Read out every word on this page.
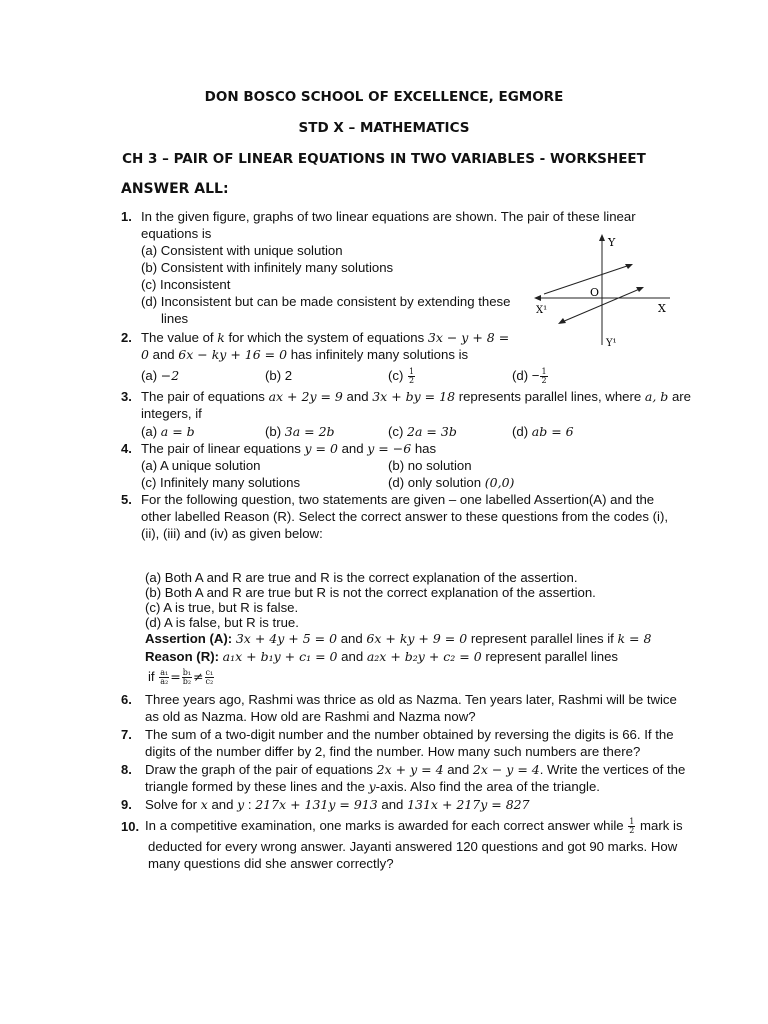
DON BOSCO SCHOOL OF EXCELLENCE, EGMORE
STD X – MATHEMATICS
CH 3 – PAIR OF LINEAR EQUATIONS IN TWO VARIABLES - WORKSHEET
ANSWER ALL:
1. In the given figure, graphs of two linear equations are shown. The pair of these linear
equations is
(a) Consistent with unique solution
(b) Consistent with infinitely many solutions
(c) Inconsistent
(d) Inconsistent but can be made consistent by extending these
lines
Y
Y¹
X
X¹
O
2. The value of k for which the system of equations 3x − y + 8 =
0 and 6x − ky + 16 = 0 has infinitely many solutions is
(a) −2	(b) 2	$(c) \frac{1}{2}$	$(d) - \frac{1}{2}$
3. The pair of equations ax + 2y = 9 and 3x + by = 18 represents parallel lines, where a, b are
integers, if
(a) a = b	(b) 3a = 2b	(c) 2a = 3b	(d) ab = 6
4. The pair of linear equations y = 0 and y = −6 has
(a) A unique solution	(b) no solution
(c) Infinitely many solutions	(d) only solution (0,0)
5. For the following question, two statements are given – one labelled Assertion(A) and the
other labelled Reason (R). Select the correct answer to these questions from the codes (i),
(ii), (iii) and (iv) as given below:
(a) Both A and R are true and R is the correct explanation of the assertion.
(b) Both A and R are true but R is not the correct explanation of the assertion.
(c) A is true, but R is false.
(d) A is false, but R is true.
Assertion (A): 3x + 4y + 5 = 0 and 6x + ky + 9 = 0 represent parallel lines if k = 8
Reason (R): a₁x + b₁y + c₁ = 0 and a₂x + b₂y + c₂ = 0 represent parallel lines
if $\frac{\text{a₁}}{\text{a₂}} = \frac{\text{b₁}}{\text{b₂}} \ne \frac{\text{c₁}}{\text{c₂}}$
6. Three years ago, Rashmi was thrice as old as Nazma. Ten years later, Rashmi will be twice
as old as Nazma. How old are Rashmi and Nazma now?
7. The sum of a two-digit number and the number obtained by reversing the digits is 66. If the
digits of the number differ by 2, find the number. How many such numbers are there?
8. Draw the graph of the pair of equations 2x + y = 4 and 2x − y = 4. Write the vertices of the
triangle formed by these lines and the y-axis. Also find the area of the triangle.
9. Solve for x and y : 217x + 131y = 913 and 131x + 217y = 827
10. In a competitive examination, one marks is awarded for each correct answer while $\frac{1}{2}$ mark is
deducted for every wrong answer. Jayanti answered 120 questions and got 90 marks. How
many questions did she answer correctly?
